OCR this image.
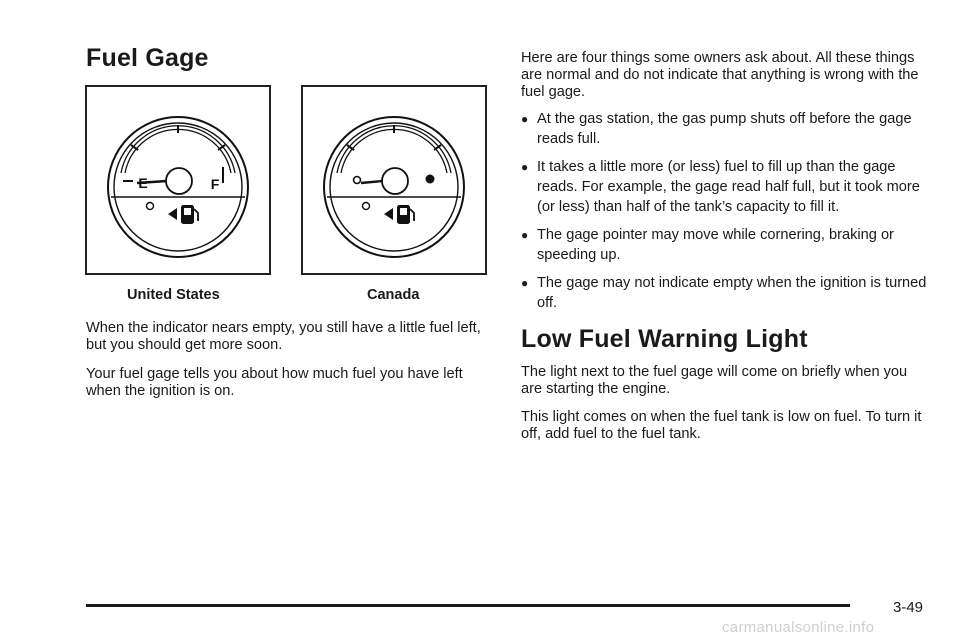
Fuel Gage
E	F
United States	Canada

When the indicator nears empty, you still have a little fuel left, but you should get more soon.

Your fuel gage tells you about how much fuel you have left when the ignition is on.

Here are four things some owners ask about. All these things are normal and do not indicate that anything is wrong with the fuel gage.

● At the gas station, the gas pump shuts off before the gage reads full.
● It takes a little more (or less) fuel to fill up than the gage reads. For example, the gage read half full, but it took more (or less) than half of the tank’s capacity to fill it.
● The gage pointer may move while cornering, braking or speeding up.
● The gage may not indicate empty when the ignition is turned off.
Low Fuel Warning Light

The light next to the fuel gage will come on briefly when you are starting the engine.

This light comes on when the fuel tank is low on fuel. To turn it off, add fuel to the fuel tank.

3-49
carmanualsonline.info
